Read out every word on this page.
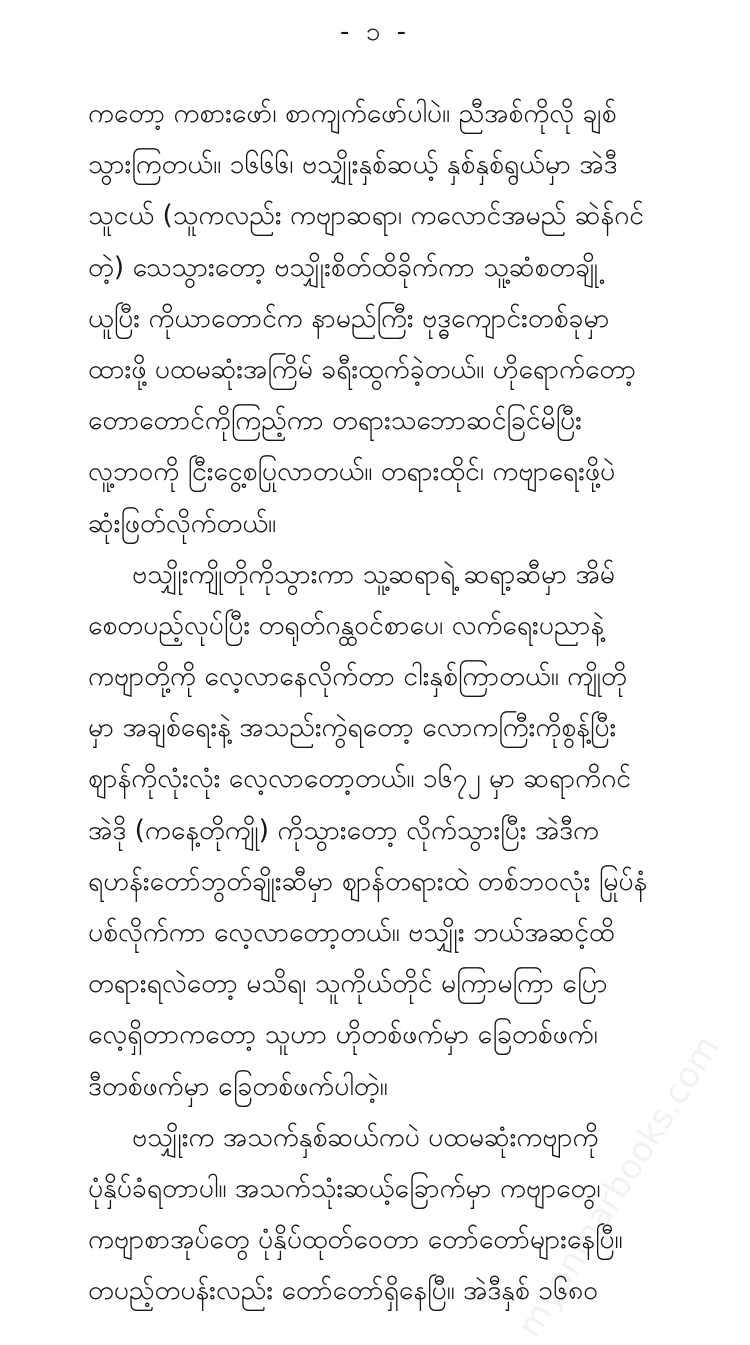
- ၁ -
ကတော့ ကစားဖော်၊ စာကျက်ဖော်ပါပဲ။ ညီအစ်ကိုလို ချစ်
သွားကြတယ်။ ၁၆၆၆၊ ဗသျှိုးနှစ်ဆယ့် နှစ်နှစ်ရွယ်မှာ အဲဒီ
သူငယ် (သူကလည်း ကဗျာဆရာ၊ ကလောင်အမည် ဆဲန်ဂင်
တဲ့) သေသွားတော့ ဗသျှိုးစိတ်ထိခိုက်ကာ သူ့ဆံစတချို့
ယူပြီး ကိုယာတောင်က နာမည်ကြီး ဗုဒ္ဓကျောင်းတစ်ခုမှာ
ထားဖို့ ပထမဆုံးအကြိမ် ခရီးထွက်ခဲ့တယ်။ ဟိုရောက်တော့
တောတောင်ကိုကြည့်ကာ တရားသဘောဆင်ခြင်မိပြီး
လူ့ဘဝကို ငြီးငွေ့စပြုလာတယ်။ တရားထိုင်၊ ကဗျာရေးဖို့ပဲ
ဆုံးဖြတ်လိုက်တယ်။
ဗသျှိုးကျိုတိုကိုသွားကာ သူ့ဆရာရဲ့ ဆရာ့ဆီမှာ အိမ်
စေတပည့်လုပ်ပြီး တရုတ်ဂန္ထဝင်စာပေ၊ လက်ရေးပညာနဲ့
ကဗျာတို့ကို လေ့လာနေလိုက်တာ ငါးနှစ်ကြာတယ်။ ကျိုတို
မှာ အချစ်ရေးနဲ့ အသည်းကွဲရတော့ လောကကြီးကိုစွန့်ပြီး
ဈာန်ကိုလုံးလုံး လေ့လာတော့တယ်။ ၁၆၇၂ မှာ ဆရာကိဂင်
အဲဒို (ကနေ့တိုကျို) ကိုသွားတော့ လိုက်သွားပြီး အဲဒီက
ရဟန်းတော်ဘွတ်ချိုးဆီမှာ ဈာန်တရားထဲ တစ်ဘဝလုံး မြုပ်နံ
ပစ်လိုက်ကာ လေ့လာတော့တယ်။ ဗသျှိုး ဘယ်အဆင့်ထိ
တရားရလဲတော့ မသိရ၊ သူကိုယ်တိုင် မကြာမကြာ ပြော
လေ့ရှိတာကတော့ သူဟာ ဟိုတစ်ဖက်မှာ ခြေတစ်ဖက်၊
ဒီတစ်ဖက်မှာ ခြေတစ်ဖက်ပါတဲ့။
ဗသျှိုးက အသက်နှစ်ဆယ်ကပဲ ပထမဆုံးကဗျာကို
ပုံနှိပ်ခံရတာပါ။ အသက်သုံးဆယ့်ခြောက်မှာ ကဗျာတွေ၊
ကဗျာစာအုပ်တွေ ပုံနှိပ်ထုတ်ဝေတာ တော်တော်များနေပြီ။
တပည့်တပန်းလည်း တော်တော်ရှိနေပြီ။ အဲဒီနှစ် ၁၆၈၀
myanmarbooks.com
